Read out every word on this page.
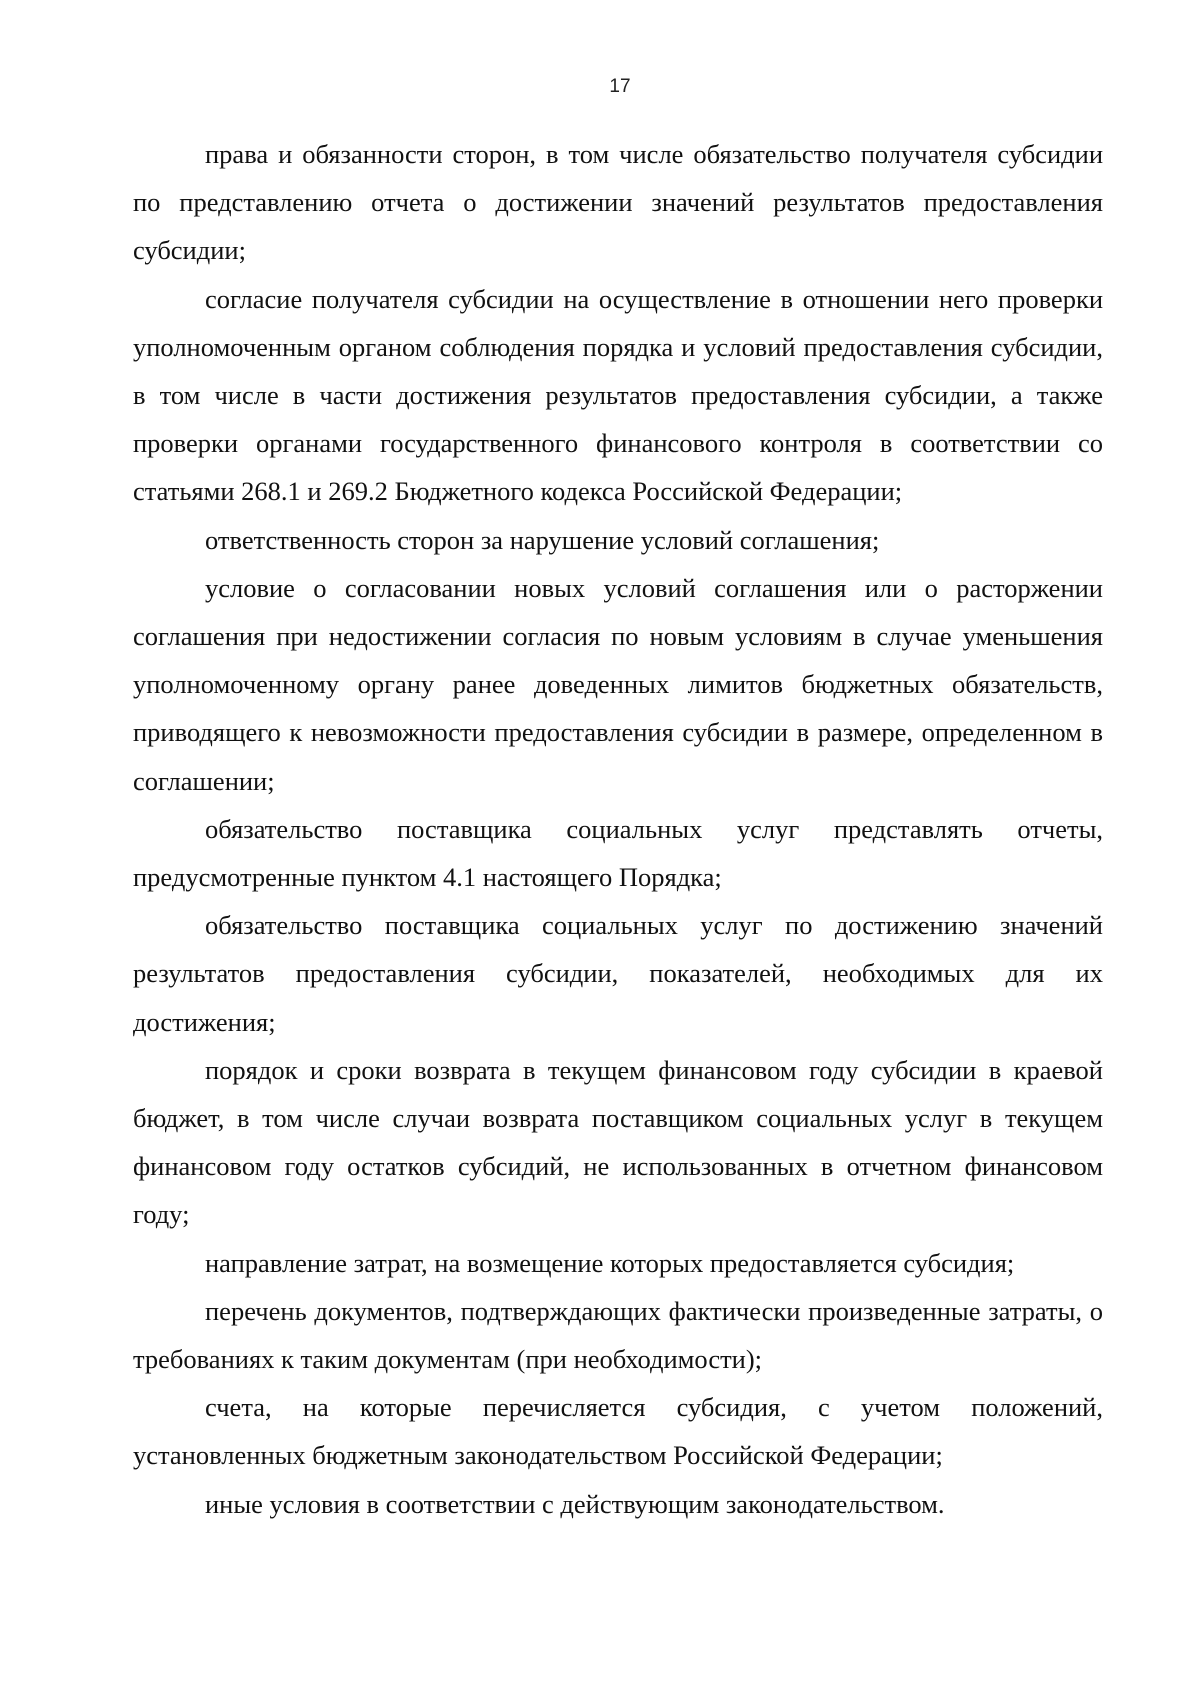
17

права и обязанности сторон, в том числе обязательство получателя субсидии по представлению отчета о достижении значений результатов предоставления субсидии;

согласие получателя субсидии на осуществление в отношении него проверки уполномоченным органом соблюдения порядка и условий предоставления субсидии, в том числе в части достижения результатов предоставления субсидии, а также проверки органами государственного финансового контроля в соответствии со статьями 268.1 и 269.2 Бюджетного кодекса Российской Федерации;

ответственность сторон за нарушение условий соглашения;

условие о согласовании новых условий соглашения или о расторжении соглашения при недостижении согласия по новым условиям в случае уменьшения уполномоченному органу ранее доведенных лимитов бюджетных обязательств, приводящего к невозможности предоставления субсидии в размере, определенном в соглашении;

обязательство поставщика социальных услуг представлять отчеты, предусмотренные пунктом 4.1 настоящего Порядка;

обязательство поставщика социальных услуг по достижению значений результатов предоставления субсидии, показателей, необходимых для их достижения;

порядок и сроки возврата в текущем финансовом году субсидии в краевой бюджет, в том числе случаи возврата поставщиком социальных услуг в текущем финансовом году остатков субсидий, не использованных в отчетном финансовом году;

направление затрат, на возмещение которых предоставляется субсидия;

перечень документов, подтверждающих фактически произведенные затраты, о требованиях к таким документам (при необходимости);

счета, на которые перечисляется субсидия, с учетом положений, установленных бюджетным законодательством Российской Федерации;

иные условия в соответствии с действующим законодательством.
